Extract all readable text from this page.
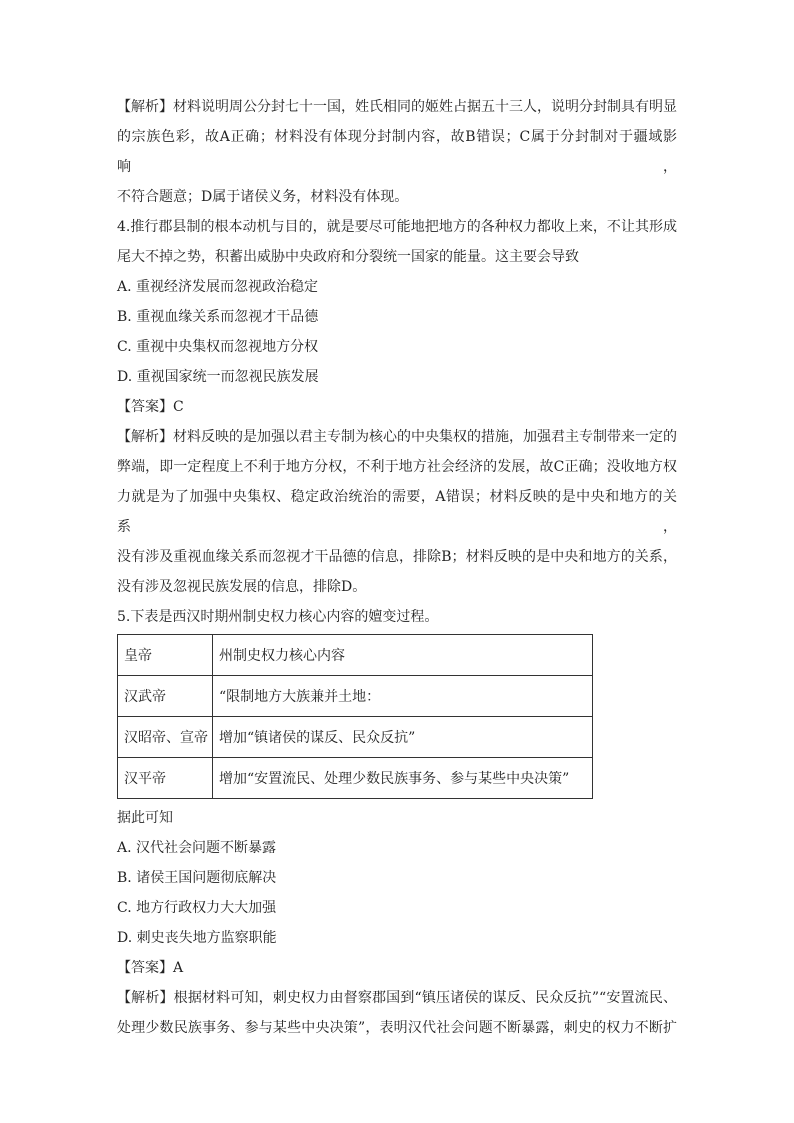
【解析】材料说明周公分封七十一国，姓氏相同的姬姓占据五十三人，说明分封制具有明显
的宗族色彩，故A正确；材料没有体现分封制内容，故B错误；C属于分封制对于疆域影响，
不符合题意；D属于诸侯义务，材料没有体现。
4.推行郡县制的根本动机与目的，就是要尽可能地把地方的各种权力都收上来，不让其形成
尾大不掉之势，积蓄出威胁中央政府和分裂统一国家的能量。这主要会导致
A. 重视经济发展而忽视政治稳定
B. 重视血缘关系而忽视才干品德
C. 重视中央集权而忽视地方分权
D. 重视国家统一而忽视民族发展
【答案】C
【解析】材料反映的是加强以君主专制为核心的中央集权的措施，加强君主专制带来一定的
弊端，即一定程度上不利于地方分权，不利于地方社会经济的发展，故C正确；没收地方权
力就是为了加强中央集权、稳定政治统治的需要，A错误；材料反映的是中央和地方的关系，
没有涉及重视血缘关系而忽视才干品德的信息，排除B；材料反映的是中央和地方的关系，
没有涉及忽视民族发展的信息，排除D。
5.下表是西汉时期州制史权力核心内容的嬗变过程。
皇帝	州制史权力核心内容
汉武帝	“限制地方大族兼并土地：
汉昭帝、宣帝	增加“镇诸侯的谋反、民众反抗”
汉平帝	增加“安置流民、处理少数民族事务、参与某些中央决策”
据此可知
A. 汉代社会问题不断暴露
B. 诸侯王国问题彻底解决
C. 地方行政权力大大加强
D. 刺史丧失地方监察职能
【答案】A
【解析】根据材料可知，刺史权力由督察郡国到“镇压诸侯的谋反、民众反抗”“安置流民、
处理少数民族事务、参与某些中央决策”，表明汉代社会问题不断暴露，刺史的权力不断扩
